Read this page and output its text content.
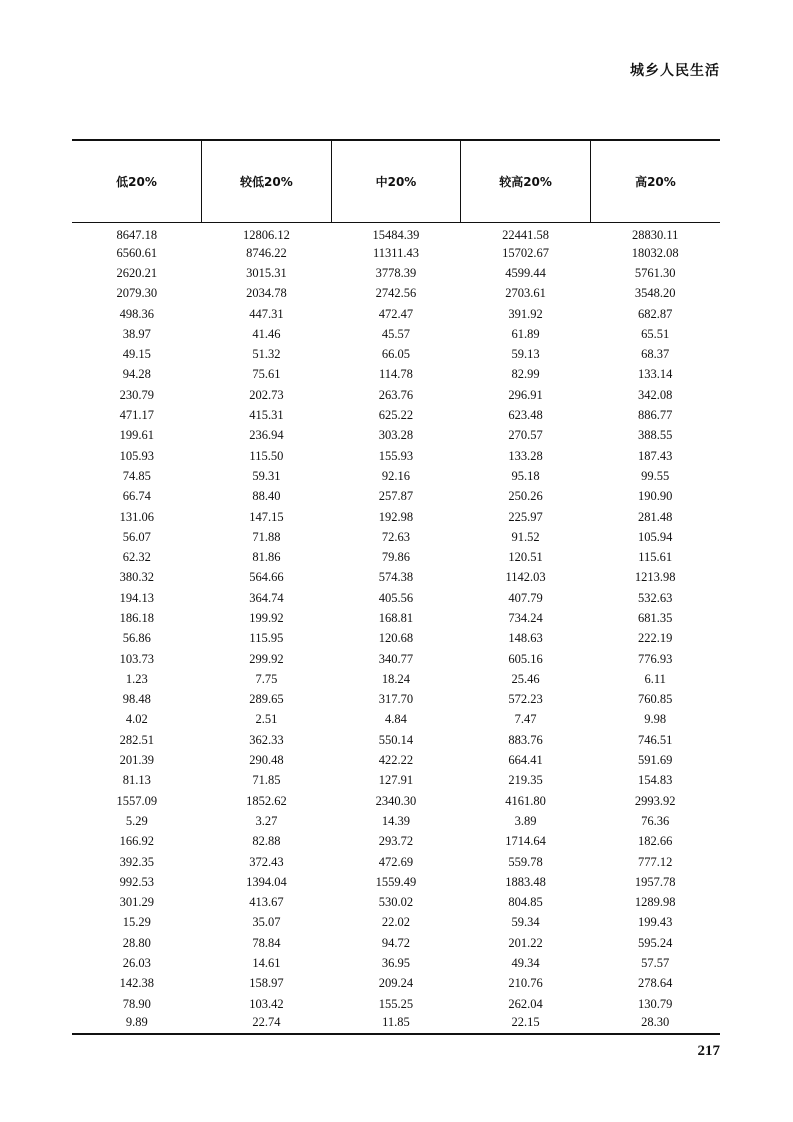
城乡人民生活
低20%	较低20%	中20%	较高20%	高20%
8647.18	12806.12	15484.39	22441.58	28830.11
6560.61	8746.22	11311.43	15702.67	18032.08
2620.21	3015.31	3778.39	4599.44	5761.30
2079.30	2034.78	2742.56	2703.61	3548.20
498.36	447.31	472.47	391.92	682.87
38.97	41.46	45.57	61.89	65.51
49.15	51.32	66.05	59.13	68.37
94.28	75.61	114.78	82.99	133.14
230.79	202.73	263.76	296.91	342.08
471.17	415.31	625.22	623.48	886.77
199.61	236.94	303.28	270.57	388.55
105.93	115.50	155.93	133.28	187.43
74.85	59.31	92.16	95.18	99.55
66.74	88.40	257.87	250.26	190.90
131.06	147.15	192.98	225.97	281.48
56.07	71.88	72.63	91.52	105.94
62.32	81.86	79.86	120.51	115.61
380.32	564.66	574.38	1142.03	1213.98
194.13	364.74	405.56	407.79	532.63
186.18	199.92	168.81	734.24	681.35
56.86	115.95	120.68	148.63	222.19
103.73	299.92	340.77	605.16	776.93
1.23	7.75	18.24	25.46	6.11
98.48	289.65	317.70	572.23	760.85
4.02	2.51	4.84	7.47	9.98
282.51	362.33	550.14	883.76	746.51
201.39	290.48	422.22	664.41	591.69
81.13	71.85	127.91	219.35	154.83
1557.09	1852.62	2340.30	4161.80	2993.92
5.29	3.27	14.39	3.89	76.36
166.92	82.88	293.72	1714.64	182.66
392.35	372.43	472.69	559.78	777.12
992.53	1394.04	1559.49	1883.48	1957.78
301.29	413.67	530.02	804.85	1289.98
15.29	35.07	22.02	59.34	199.43
28.80	78.84	94.72	201.22	595.24
26.03	14.61	36.95	49.34	57.57
142.38	158.97	209.24	210.76	278.64
78.90	103.42	155.25	262.04	130.79
9.89	22.74	11.85	22.15	28.30
217
